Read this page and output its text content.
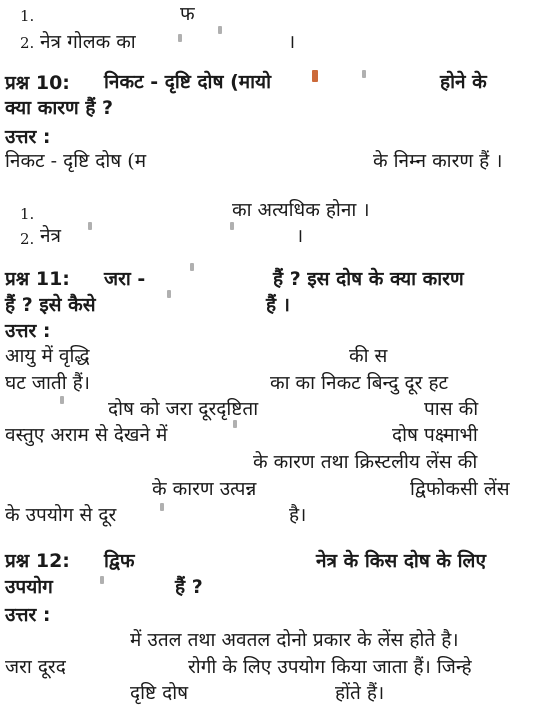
1.	फ
2. नेत्र गोलक का	।
प्रश्न 10: निकट - दृष्टि दोष (मायो	होने के
क्या कारण हैं ?
उत्तर :
निकट - दृष्टि दोष (म	के निम्न कारण हैं ।
1.	का अत्यधिक होना ।
2. नेत्र	।
प्रश्न 11: जरा -	हैं ? इस दोष के क्या कारण
हैं ? इसे कैसे	हैं ।
उत्तर :
आयु में वृद्धि	की स
घट जाती हैं।	का का निकट बिन्दु दूर हट
दोष को जरा दूरदृष्टिता	पास की
वस्तुए अराम से देखने में	दोष पक्ष्माभी
के कारण तथा क्रिस्टलीय लेंस की
के कारण उत्पन्न	द्विफोकसी लेंस
के उपयोग से दूर	है।
प्रश्न 12: द्विफ	नेत्र के किस दोष के लिए
उपयोग	हैं ?
उत्तर :
में उतल तथा अवतल दोनो प्रकार के लेंस होते है।
जरा दूरद	रोगी के लिए उपयोग किया जाता हैं। जिन्हे
दृष्टि दोष	होंते हैं।
